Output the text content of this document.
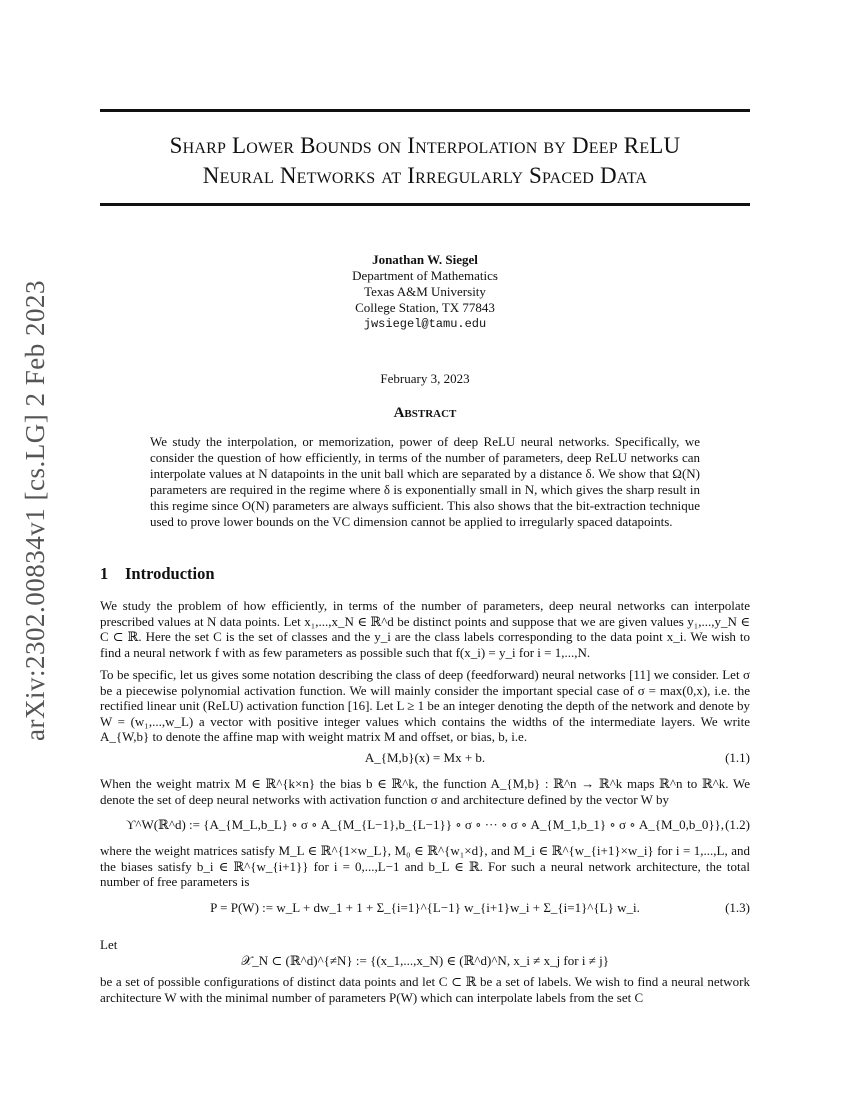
arXiv:2302.00834v1 [cs.LG] 2 Feb 2023
Sharp Lower Bounds on Interpolation by Deep ReLU
Neural Networks at Irregularly Spaced Data
Jonathan W. Siegel
Department of Mathematics
Texas A&M University
College Station, TX 77843
jwsiegel@tamu.edu
February 3, 2023
Abstract

We study the interpolation, or memorization, power of deep ReLU neural networks. Specifically, we consider the question of how efficiently, in terms of the number of parameters, deep ReLU networks can interpolate values at N datapoints in the unit ball which are separated by a distance δ. We show that Ω(N) parameters are required in the regime where δ is exponentially small in N, which gives the sharp result in this regime since O(N) parameters are always sufficient. This also shows that the bit-extraction technique used to prove lower bounds on the VC dimension cannot be applied to irregularly spaced datapoints.

1 Introduction

We study the problem of how efficiently, in terms of the number of parameters, deep neural networks can interpolate prescribed values at N data points. Let x₁,...,x_N ∈ ℝ^d be distinct points and suppose that we are given values y₁,...,y_N ∈ C ⊂ ℝ. Here the set C is the set of classes and the y_i are the class labels corresponding to the data point x_i. We wish to find a neural network f with as few parameters as possible such that f(x_i) = y_i for i = 1,...,N.

To be specific, let us gives some notation describing the class of deep (feedforward) neural networks [11] we consider. Let σ be a piecewise polynomial activation function. We will mainly consider the important special case of σ = max(0,x), i.e. the rectified linear unit (ReLU) activation function [16]. Let L ≥ 1 be an integer denoting the depth of the network and denote by W = (w₁,...,w_L) a vector with positive integer values which contains the widths of the intermediate layers. We write A_{W,b} to denote the affine map with weight matrix M and offset, or bias, b, i.e.

A_{M,b}(x) = Mx + b.	(1.1)

When the weight matrix M ∈ ℝ^{k×n} the bias b ∈ ℝ^k, the function A_{M,b} : ℝ^n → ℝ^k maps ℝ^n to ℝ^k. We denote the set of deep neural networks with activation function σ and architecture defined by the vector W by

ϒ^W(ℝ^d) := {A_{M_L,b_L} ∘ σ ∘ A_{M_{L−1},b_{L−1}} ∘ σ ∘ ··· ∘ σ ∘ A_{M_1,b_1} ∘ σ ∘ A_{M_0,b_0}}, (1.2)

where the weight matrices satisfy M_L ∈ ℝ^{1×w_L}, M₀ ∈ ℝ^{w₁×d}, and M_i ∈ ℝ^{w_{i+1}×w_i} for i = 1,...,L, and the biases satisfy b_i ∈ ℝ^{w_{i+1}} for i = 0,...,L−1 and b_L ∈ ℝ. For such a neural network architecture, the total number of free parameters is

P = P(W) := w_L + dw_1 + 1 + Σ_{i=1}^{L−1} w_{i+1}w_i + Σ_{i=1}^{L} w_i.	(1.3)
Let
𝒳_N ⊂ (ℝ^d)^{≠N} := {(x_1,...,x_N) ∈ (ℝ^d)^N, x_i ≠ x_j for i ≠ j}

be a set of possible configurations of distinct data points and let C ⊂ ℝ be a set of labels. We wish to find a neural network architecture W with the minimal number of parameters P(W) which can interpolate labels from the set C
